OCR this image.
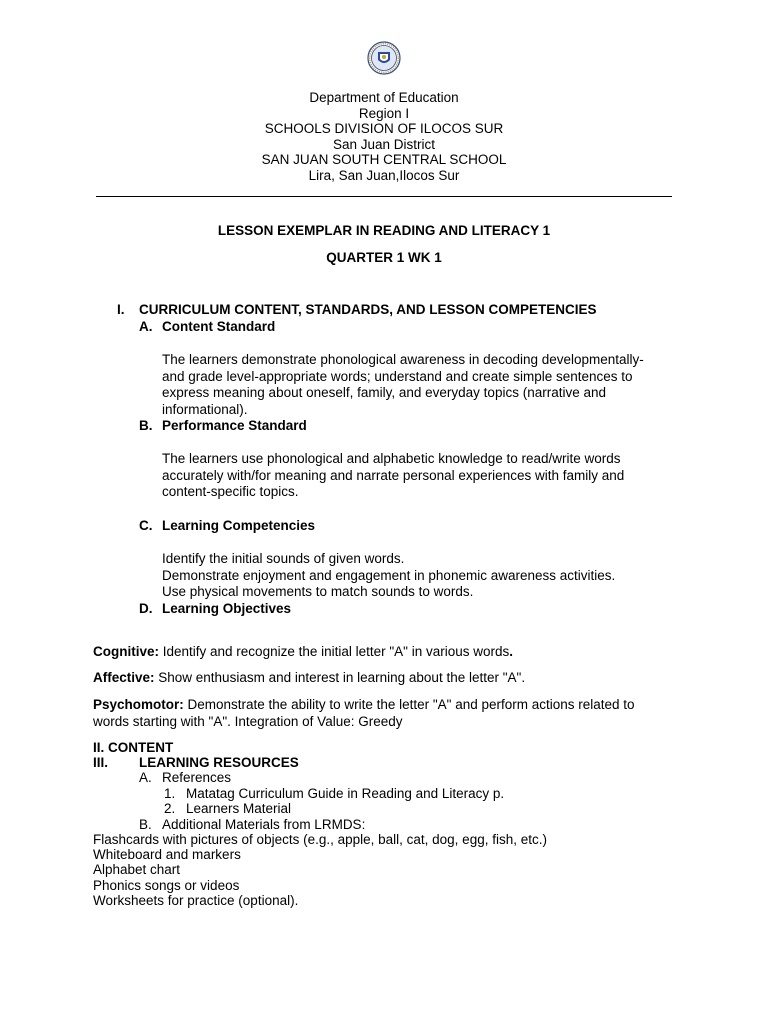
Department of Education
Region I
SCHOOLS DIVISION OF ILOCOS SUR
San Juan District
SAN JUAN SOUTH CENTRAL SCHOOL
Lira, San Juan,Ilocos Sur
LESSON EXEMPLAR IN READING AND LITERACY 1
QUARTER 1 WK 1
I. CURRICULUM CONTENT, STANDARDS, AND LESSON COMPETENCIES
A. Content Standard
The learners demonstrate phonological awareness in decoding developmentally-
and grade level-appropriate words; understand and create simple sentences to
express meaning about oneself, family, and everyday topics (narrative and
informational).
B. Performance Standard
The learners use phonological and alphabetic knowledge to read/write words
accurately with/for meaning and narrate personal experiences with family and
content-specific topics.
C. Learning Competencies
Identify the initial sounds of given words.
Demonstrate enjoyment and engagement in phonemic awareness activities.
Use physical movements to match sounds to words.
D. Learning Objectives
Cognitive: Identify and recognize the initial letter "A" in various words.
Affective: Show enthusiasm and interest in learning about the letter "A".
Psychomotor: Demonstrate the ability to write the letter "A" and perform actions related to
words starting with "A". Integration of Value: Greedy
II. CONTENT
III. LEARNING RESOURCES
A. References
1. Matatag Curriculum Guide in Reading and Literacy p.
2. Learners Material
B. Additional Materials from LRMDS:
Flashcards with pictures of objects (e.g., apple, ball, cat, dog, egg, fish, etc.)
Whiteboard and markers
Alphabet chart
Phonics songs or videos
Worksheets for practice (optional).
